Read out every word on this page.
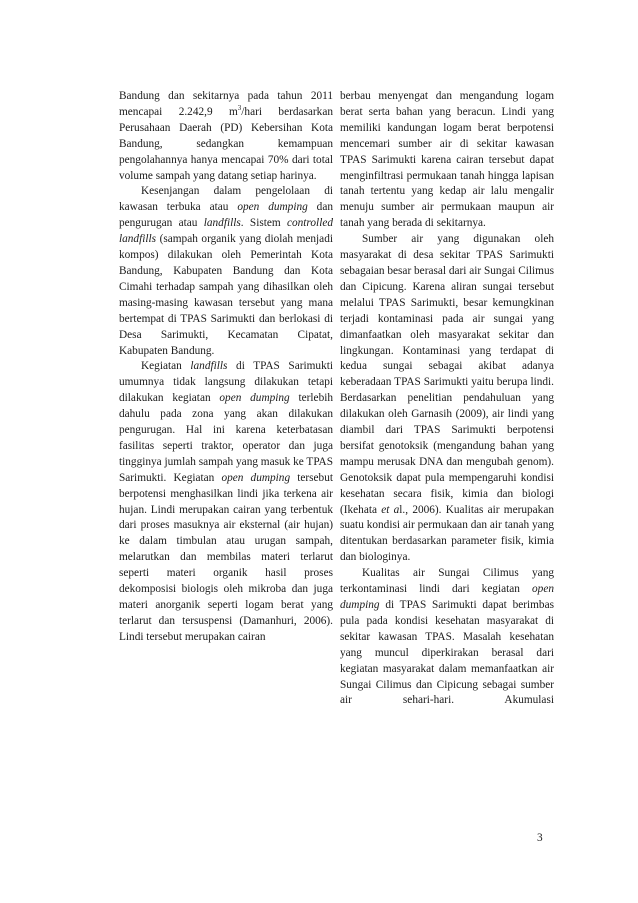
Bandung dan sekitarnya pada tahun 2011 mencapai 2.242,9 $m^3$/hari berdasarkan Perusahaan Daerah (PD) Kebersihan Kota Bandung, sedangkan kemampuan pengolahannya hanya mencapai 70% dari total volume sampah yang datang setiap harinya.

Kesenjangan dalam pengelolaan di kawasan terbuka atau open dumping dan pengurugan atau landfills. Sistem controlled landfills (sampah organik yang diolah menjadi kompos) dilakukan oleh Pemerintah Kota Bandung, Kabupaten Bandung dan Kota Cimahi terhadap sampah yang dihasilkan oleh masing-masing kawasan tersebut yang mana bertempat di TPAS Sarimukti dan berlokasi di Desa Sarimukti, Kecamatan Cipatat, Kabupaten Bandung.

Kegiatan landfills di TPAS Sarimukti umumnya tidak langsung dilakukan tetapi dilakukan kegiatan open dumping terlebih dahulu pada zona yang akan dilakukan pengurugan. Hal ini karena keterbatasan fasilitas seperti traktor, operator dan juga tingginya jumlah sampah yang masuk ke TPAS Sarimukti. Kegiatan open dumping tersebut berpotensi menghasilkan lindi jika terkena air hujan. Lindi merupakan cairan yang terbentuk dari proses masuknya air eksternal (air hujan) ke dalam timbulan atau urugan sampah, melarutkan dan membilas materi terlarut seperti materi organik hasil proses dekomposisi biologis oleh mikroba dan juga materi anorganik seperti logam berat yang terlarut dan tersuspensi (Damanhuri, 2006). Lindi tersebut merupakan cairan

berbau menyengat dan mengandung logam berat serta bahan yang beracun. Lindi yang memiliki kandungan logam berat berpotensi mencemari sumber air di sekitar kawasan TPAS Sarimukti karena cairan tersebut dapat menginfiltrasi permukaan tanah hingga lapisan tanah tertentu yang kedap air lalu mengalir menuju sumber air permukaan maupun air tanah yang berada di sekitarnya.

Sumber air yang digunakan oleh masyarakat di desa sekitar TPAS Sarimukti sebagaian besar berasal dari air Sungai Cilimus dan Cipicung. Karena aliran sungai tersebut melalui TPAS Sarimukti, besar kemungkinan terjadi kontaminasi pada air sungai yang dimanfaatkan oleh masyarakat sekitar dan lingkungan. Kontaminasi yang terdapat di kedua sungai sebagai akibat adanya keberadaan TPAS Sarimukti yaitu berupa lindi. Berdasarkan penelitian pendahuluan yang dilakukan oleh Garnasih (2009), air lindi yang diambil dari TPAS Sarimukti berpotensi bersifat genotoksik (mengandung bahan yang mampu merusak DNA dan mengubah genom). Genotoksik dapat pula mempengaruhi kondisi kesehatan secara fisik, kimia dan biologi (Ikehata et al., 2006). Kualitas air merupakan suatu kondisi air permukaan dan air tanah yang ditentukan berdasarkan parameter fisik, kimia dan biologinya.

Kualitas air Sungai Cilimus yang terkontaminasi lindi dari kegiatan open dumping di TPAS Sarimukti dapat berimbas pula pada kondisi kesehatan masyarakat di sekitar kawasan TPAS. Masalah kesehatan yang muncul diperkirakan berasal dari kegiatan masyarakat dalam memanfaatkan air Sungai Cilimus dan Cipicung sebagai sumber air sehari-hari. Akumulasi

3
